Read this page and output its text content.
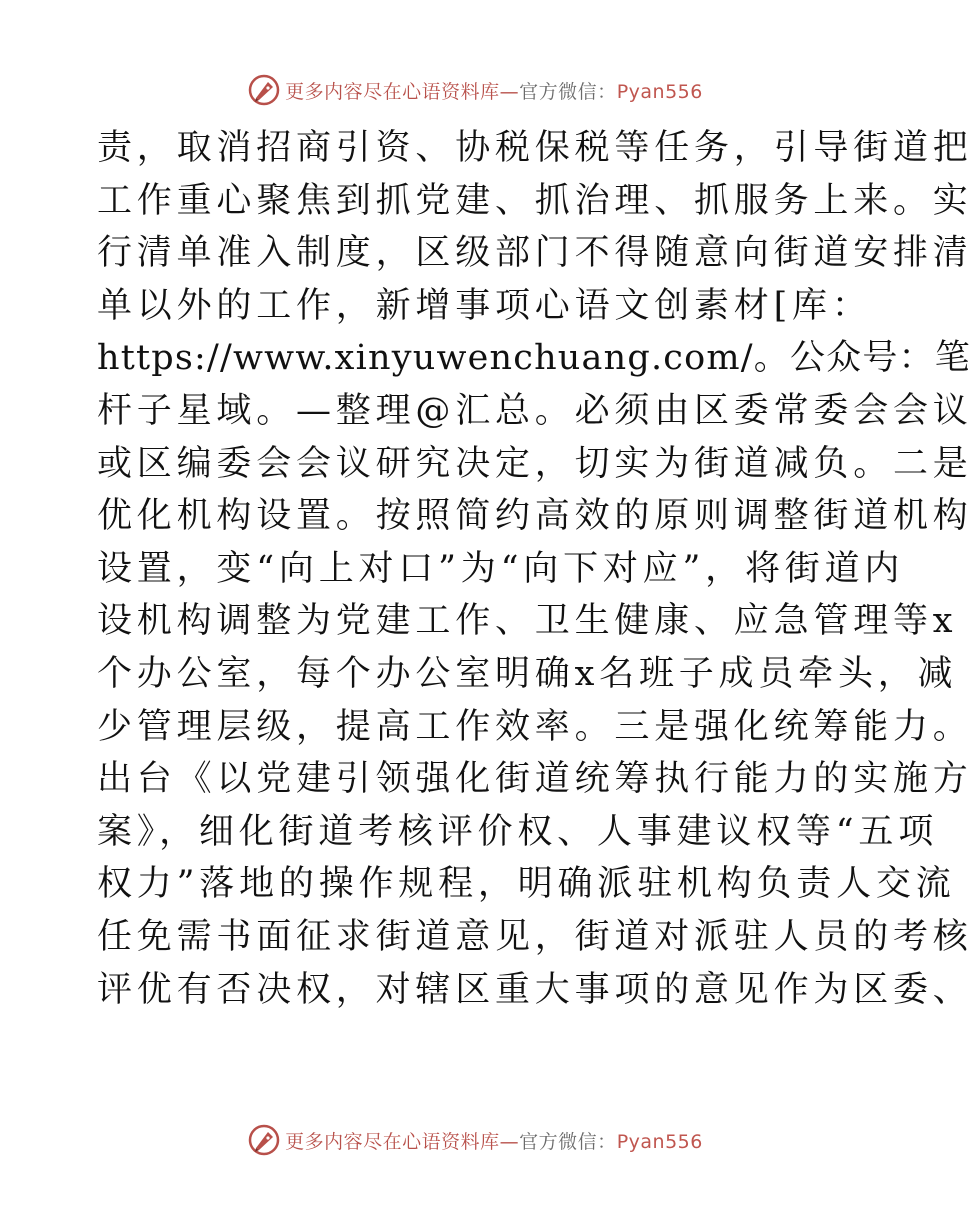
更多内容尽在心语资料库—官方微信：Pyan556
责，取消招商引资、协税保税等任务，引导街道把
工作重心聚焦到抓党建、抓治理、抓服务上来。实
行清单准入制度，区级部门不得随意向街道安排清
单以外的工作，新增事项心语文创素材[库：
https://www.xinyuwenchuang.com/。公众号：笔
杆子星域。—整理@汇总。必须由区委常委会会议
或区编委会会议研究决定，切实为街道减负。二是
优化机构设置。按照简约高效的原则调整街道机构
设置，变“向上对口”为“向下对应”，将街道内
设机构调整为党建工作、卫生健康、应急管理等x
个办公室，每个办公室明确x名班子成员牵头，减
少管理层级，提高工作效率。三是强化统筹能力。
出台《以党建引领强化街道统筹执行能力的实施方
案》，细化街道考核评价权、人事建议权等“五项
权力”落地的操作规程，明确派驻机构负责人交流
任免需书面征求街道意见，街道对派驻人员的考核
评优有否决权，对辖区重大事项的意见作为区委、
更多内容尽在心语资料库—官方微信：Pyan556
